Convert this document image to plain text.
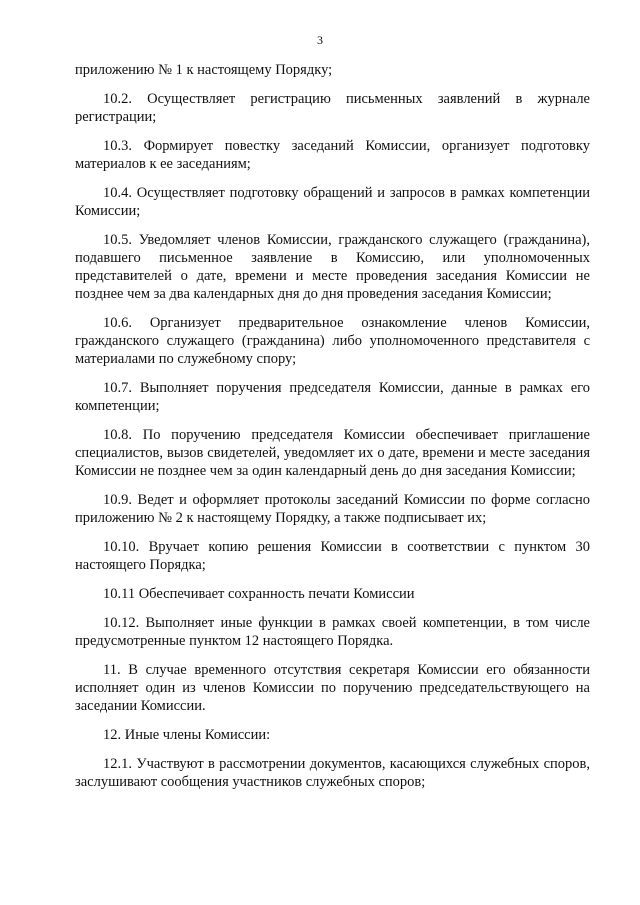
3

приложению № 1 к настоящему Порядку;

10.2. Осуществляет регистрацию письменных заявлений в журнале регистрации;

10.3. Формирует повестку заседаний Комиссии, организует подготовку материалов к ее заседаниям;

10.4. Осуществляет подготовку обращений и запросов в рамках компетенции Комиссии;

10.5. Уведомляет членов Комиссии, гражданского служащего (гражданина), подавшего письменное заявление в Комиссию, или уполномоченных представителей о дате, времени и месте проведения заседания Комиссии не позднее чем за два календарных дня до дня проведения заседания Комиссии;

10.6. Организует предварительное ознакомление членов Комиссии, гражданского служащего (гражданина) либо уполномоченного представителя с материалами по служебному спору;

10.7. Выполняет поручения председателя Комиссии, данные в рамках его компетенции;

10.8. По поручению председателя Комиссии обеспечивает приглашение специалистов, вызов свидетелей, уведомляет их о дате, времени и месте заседания Комиссии не позднее чем за один календарный день до дня заседания Комиссии;

10.9. Ведет и оформляет протоколы заседаний Комиссии по форме согласно приложению № 2 к настоящему Порядку, а также подписывает их;

10.10. Вручает копию решения Комиссии в соответствии с пунктом 30 настоящего Порядка;

10.11 Обеспечивает сохранность печати Комиссии

10.12. Выполняет иные функции в рамках своей компетенции, в том числе предусмотренные пунктом 12 настоящего Порядка.

11. В случае временного отсутствия секретаря Комиссии его обязанности исполняет один из членов Комиссии по поручению председательствующего на заседании Комиссии.

12. Иные члены Комиссии:

12.1. Участвуют в рассмотрении документов, касающихся служебных споров, заслушивают сообщения участников служебных споров;
